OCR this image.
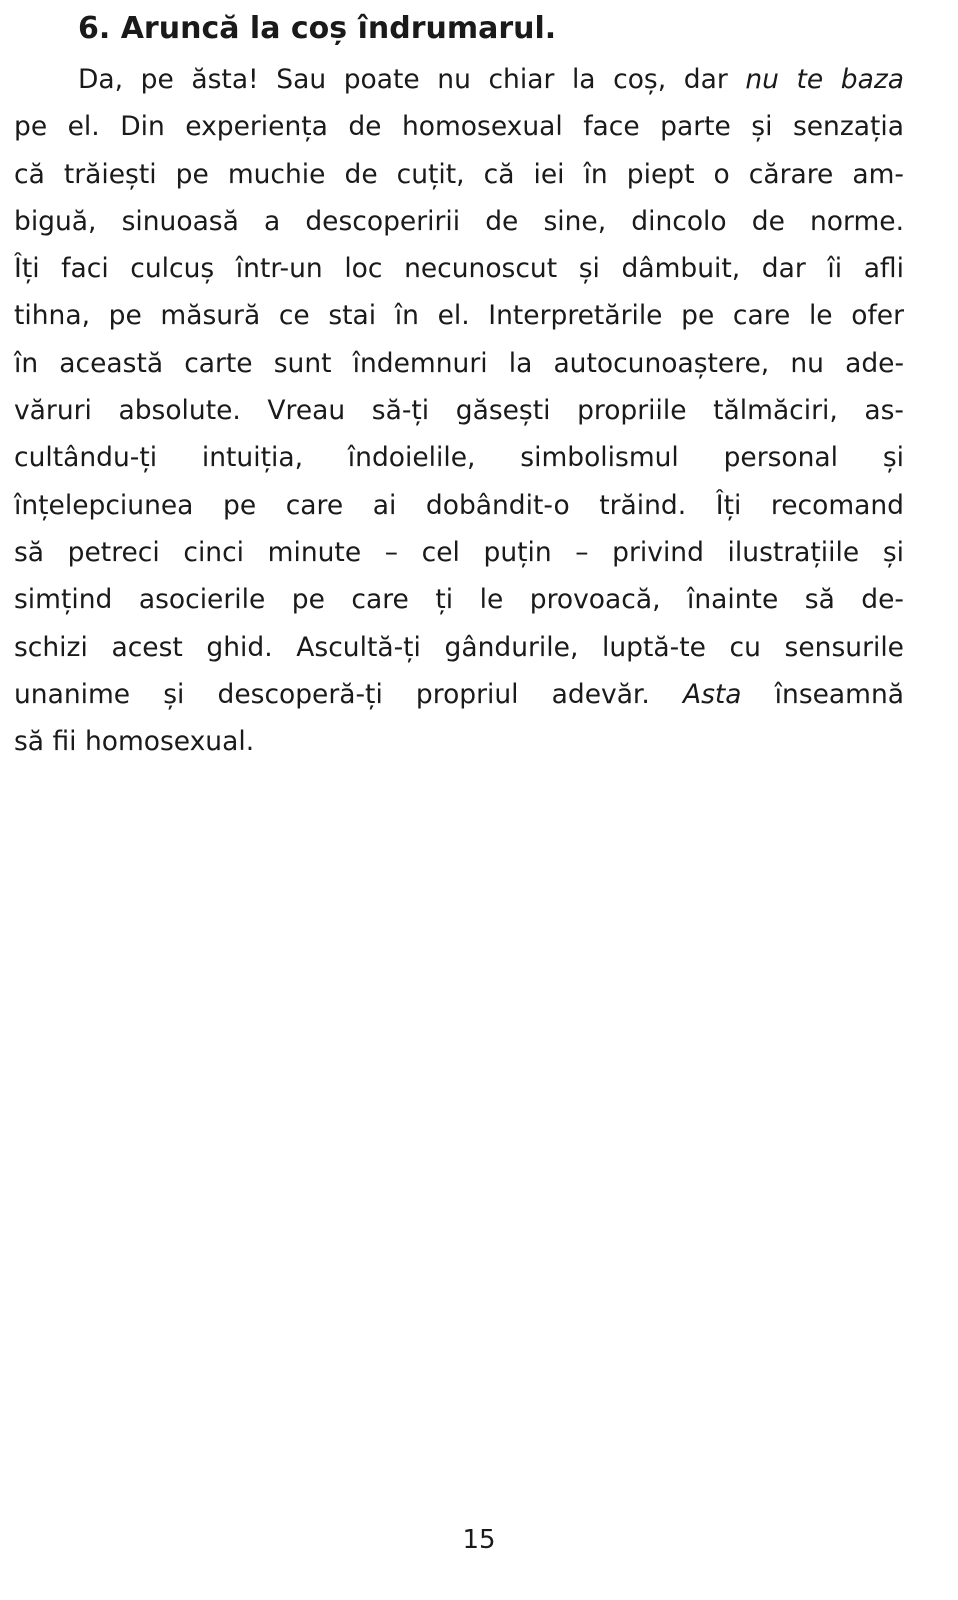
6. Aruncă la coș îndrumarul.
Da, pe ăsta! Sau poate nu chiar la coș, dar nu te baza
pe el. Din experiența de homosexual face parte și senzația
că trăiești pe muchie de cuțit, că iei în piept o cărare am-
biguă, sinuoasă a descoperirii de sine, dincolo de norme.
Îți faci culcuș într-un loc necunoscut și dâmbuit, dar îi afli
tihna, pe măsură ce stai în el. Interpretările pe care le ofer
în această carte sunt îndemnuri la autocunoaștere, nu ade-
văruri absolute. Vreau să-ți găsești propriile tălmăciri, as-
cultându-ți intuiția, îndoielile, simbolismul personal și
înțelepciunea pe care ai dobândit-o trăind. Îți recomand
să petreci cinci minute – cel puțin – privind ilustrațiile și
simțind asocierile pe care ți le provoacă, înainte să de-
schizi acest ghid. Ascultă-ți gândurile, luptă-te cu sensurile
unanime și descoperă-ți propriul adevăr. Asta înseamnă
să fii homosexual.
15
